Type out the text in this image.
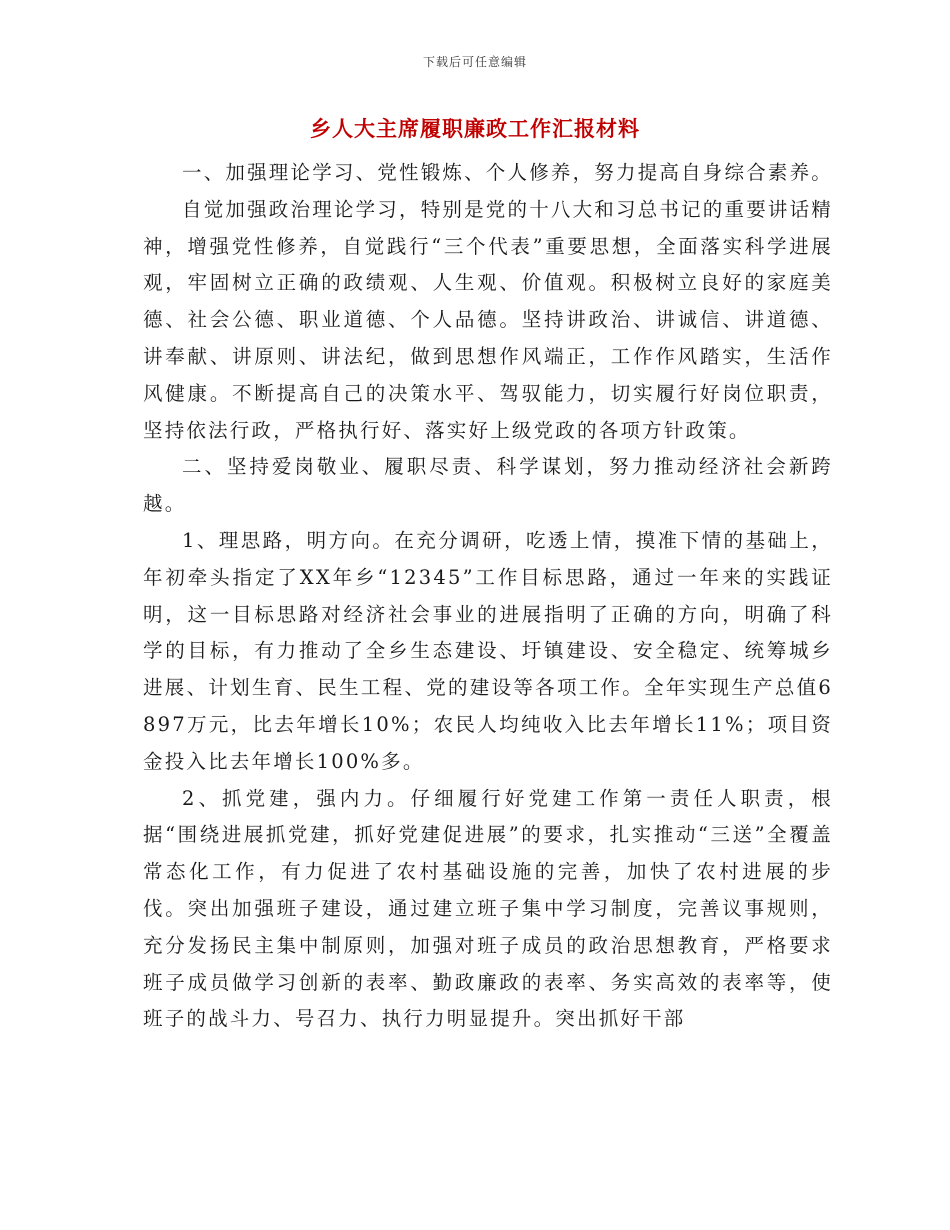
下载后可任意编辑
乡人大主席履职廉政工作汇报材料

一、加强理论学习、党性锻炼、个人修养，努力提高自身综合素养。

自觉加强政治理论学习，特别是党的十八大和习总书记的重要讲话精神，增强党性修养，自觉践行“三个代表”重要思想，全面落实科学进展观，牢固树立正确的政绩观、人生观、价值观。积极树立良好的家庭美德、社会公德、职业道德、个人品德。坚持讲政治、讲诚信、讲道德、讲奉献、讲原则、讲法纪，做到思想作风端正，工作作风踏实，生活作风健康。不断提高自己的决策水平、驾驭能力，切实履行好岗位职责，坚持依法行政，严格执行好、落实好上级党政的各项方针政策。

二、坚持爱岗敬业、履职尽责、科学谋划，努力推动经济社会新跨越。

1、理思路，明方向。在充分调研，吃透上情，摸准下情的基础上，年初牵头指定了XX年乡“12345”工作目标思路，通过一年来的实践证明，这一目标思路对经济社会事业的进展指明了正确的方向，明确了科学的目标，有力推动了全乡生态建设、圩镇建设、安全稳定、统筹城乡进展、计划生育、民生工程、党的建设等各项工作。全年实现生产总值6897万元，比去年增长10%；农民人均纯收入比去年增长11%；项目资金投入比去年增长100%多。

2、抓党建，强内力。仔细履行好党建工作第一责任人职责，根据“围绕进展抓党建，抓好党建促进展”的要求，扎实推动“三送”全覆盖常态化工作，有力促进了农村基础设施的完善，加快了农村进展的步伐。突出加强班子建设，通过建立班子集中学习制度，完善议事规则，充分发扬民主集中制原则，加强对班子成员的政治思想教育，严格要求班子成员做学习创新的表率、勤政廉政的表率、务实高效的表率等，使班子的战斗力、号召力、执行力明显提升。突出抓好干部
